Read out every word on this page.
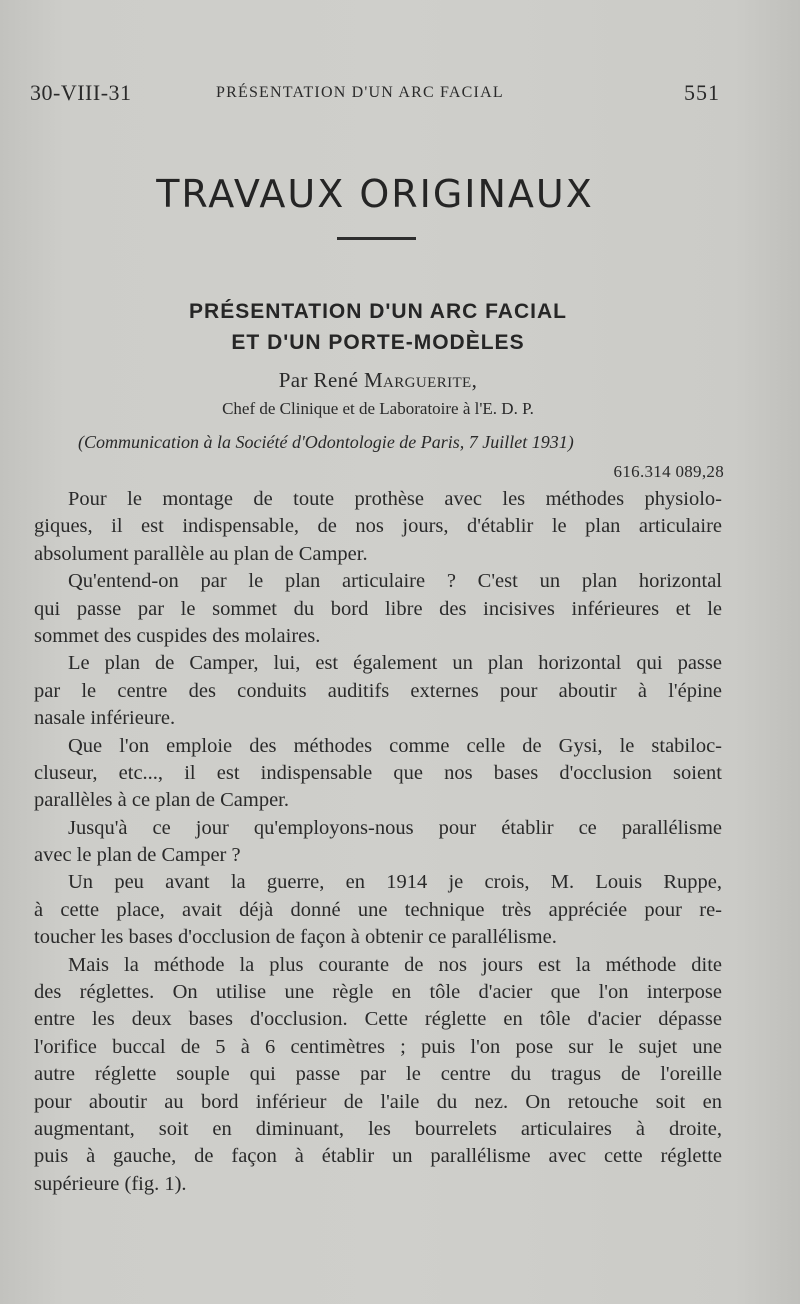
30-VIII-31	PRÉSENTATION D'UN ARC FACIAL	551
TRAVAUX ORIGINAUX
PRÉSENTATION D'UN ARC FACIAL
ET D'UN PORTE-MODÈLES
Par René Marguerite,
Chef de Clinique et de Laboratoire à l'E. D. P.
(Communication à la Société d'Odontologie de Paris, 7 Juillet 1931)
616.314 089,28
Pour le montage de toute prothèse avec les méthodes physiolo-
giques, il est indispensable, de nos jours, d'établir le plan articulaire
absolument parallèle au plan de Camper.
Qu'entend-on par le plan articulaire ? C'est un plan horizontal
qui passe par le sommet du bord libre des incisives inférieures et le
sommet des cuspides des molaires.
Le plan de Camper, lui, est également un plan horizontal qui passe
par le centre des conduits auditifs externes pour aboutir à l'épine
nasale inférieure.
Que l'on emploie des méthodes comme celle de Gysi, le stabiloc-
cluseur, etc..., il est indispensable que nos bases d'occlusion soient
parallèles à ce plan de Camper.
Jusqu'à ce jour qu'employons-nous pour établir ce parallélisme
avec le plan de Camper ?
Un peu avant la guerre, en 1914 je crois, M. Louis Ruppe,
à cette place, avait déjà donné une technique très appréciée pour re-
toucher les bases d'occlusion de façon à obtenir ce parallélisme.
Mais la méthode la plus courante de nos jours est la méthode dite
des réglettes. On utilise une règle en tôle d'acier que l'on interpose
entre les deux bases d'occlusion. Cette réglette en tôle d'acier dépasse
l'orifice buccal de 5 à 6 centimètres ; puis l'on pose sur le sujet une
autre réglette souple qui passe par le centre du tragus de l'oreille
pour aboutir au bord inférieur de l'aile du nez. On retouche soit en
augmentant, soit en diminuant, les bourrelets articulaires à droite,
puis à gauche, de façon à établir un parallélisme avec cette réglette
supérieure (fig. 1).
